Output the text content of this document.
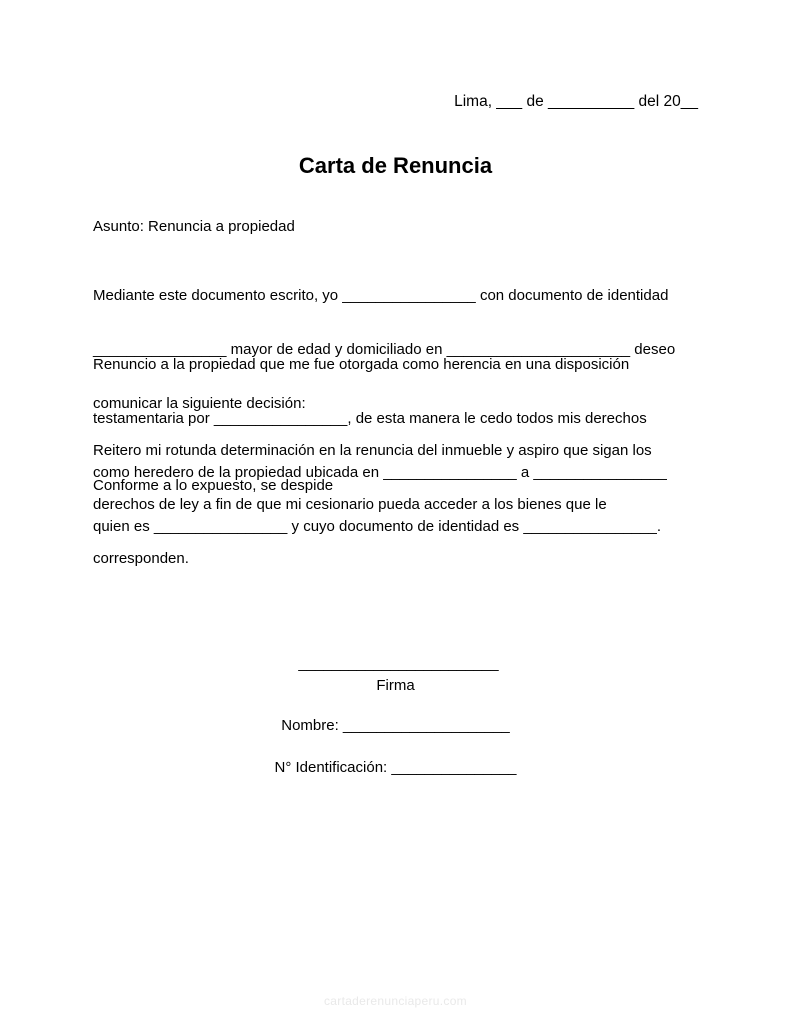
Lima, ___ de __________ del 20__
Carta de Renuncia
Asunto: Renuncia a propiedad

Mediante este documento escrito, yo ________________ con documento de identidad

________________ mayor de edad y domiciliado en ______________________ deseo

comunicar la siguiente decisión:

Renuncio a la propiedad que me fue otorgada como herencia en una disposición

testamentaria por ________________, de esta manera le cedo todos mis derechos

como heredero de la propiedad ubicada en ________________ a ________________

quien es ________________ y cuyo documento de identidad es ________________.

Reitero mi rotunda determinación en la renuncia del inmueble y aspiro que sigan los

derechos de ley a fin de que mi cesionario pueda acceder a los bienes que le

corresponden.

Conforme a lo expuesto, se despide
________________________
Firma
Nombre: ____________________
N° Identificación: _______________
cartaderenunciaperu.com
